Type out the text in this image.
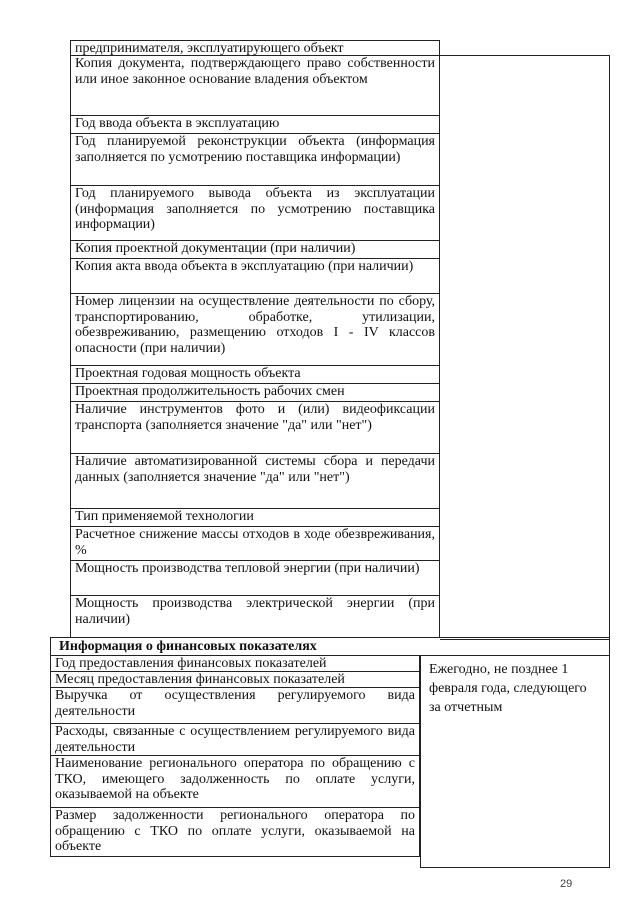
предпринимателя, эксплуатирующего объект
Копия документа, подтверждающего право собственности или иное законное основание владения объектом
Год ввода объекта в эксплуатацию
Год планируемой реконструкции объекта (информация заполняется по усмотрению поставщика информации)
Год планируемого вывода объекта из эксплуатации (информация заполняется по усмотрению поставщика информации)
Копия проектной документации (при наличии)
Копия акта ввода объекта в эксплуатацию (при наличии)
Номер лицензии на осуществление деятельности по сбору, транспортированию, обработке, утилизации, обезвреживанию, размещению отходов I - IV классов опасности (при наличии)
Проектная годовая мощность объекта
Проектная продолжительность рабочих смен
Наличие инструментов фото и (или) видеофиксации транспорта (заполняется значение "да" или "нет")
Наличие автоматизированной системы сбора и передачи данных (заполняется значение "да" или "нет")
Тип применяемой технологии
Расчетное снижение массы отходов в ходе обезвреживания, %
Мощность производства тепловой энергии (при наличии)
Мощность производства электрической энергии (при наличии)
Информация о финансовых показателях
Год предоставления финансовых показателей
Месяц предоставления финансовых показателей
Выручка от осуществления регулируемого вида деятельности
Расходы, связанные с осуществлением регулируемого вида деятельности
Наименование регионального оператора по обращению с ТКО, имеющего задолженность по оплате услуги, оказываемой на объекте
Размер задолженности регионального оператора по обращению с ТКО по оплате услуги, оказываемой на объекте
Ежегодно, не позднее 1 февраля года, следующего за отчетным
29
